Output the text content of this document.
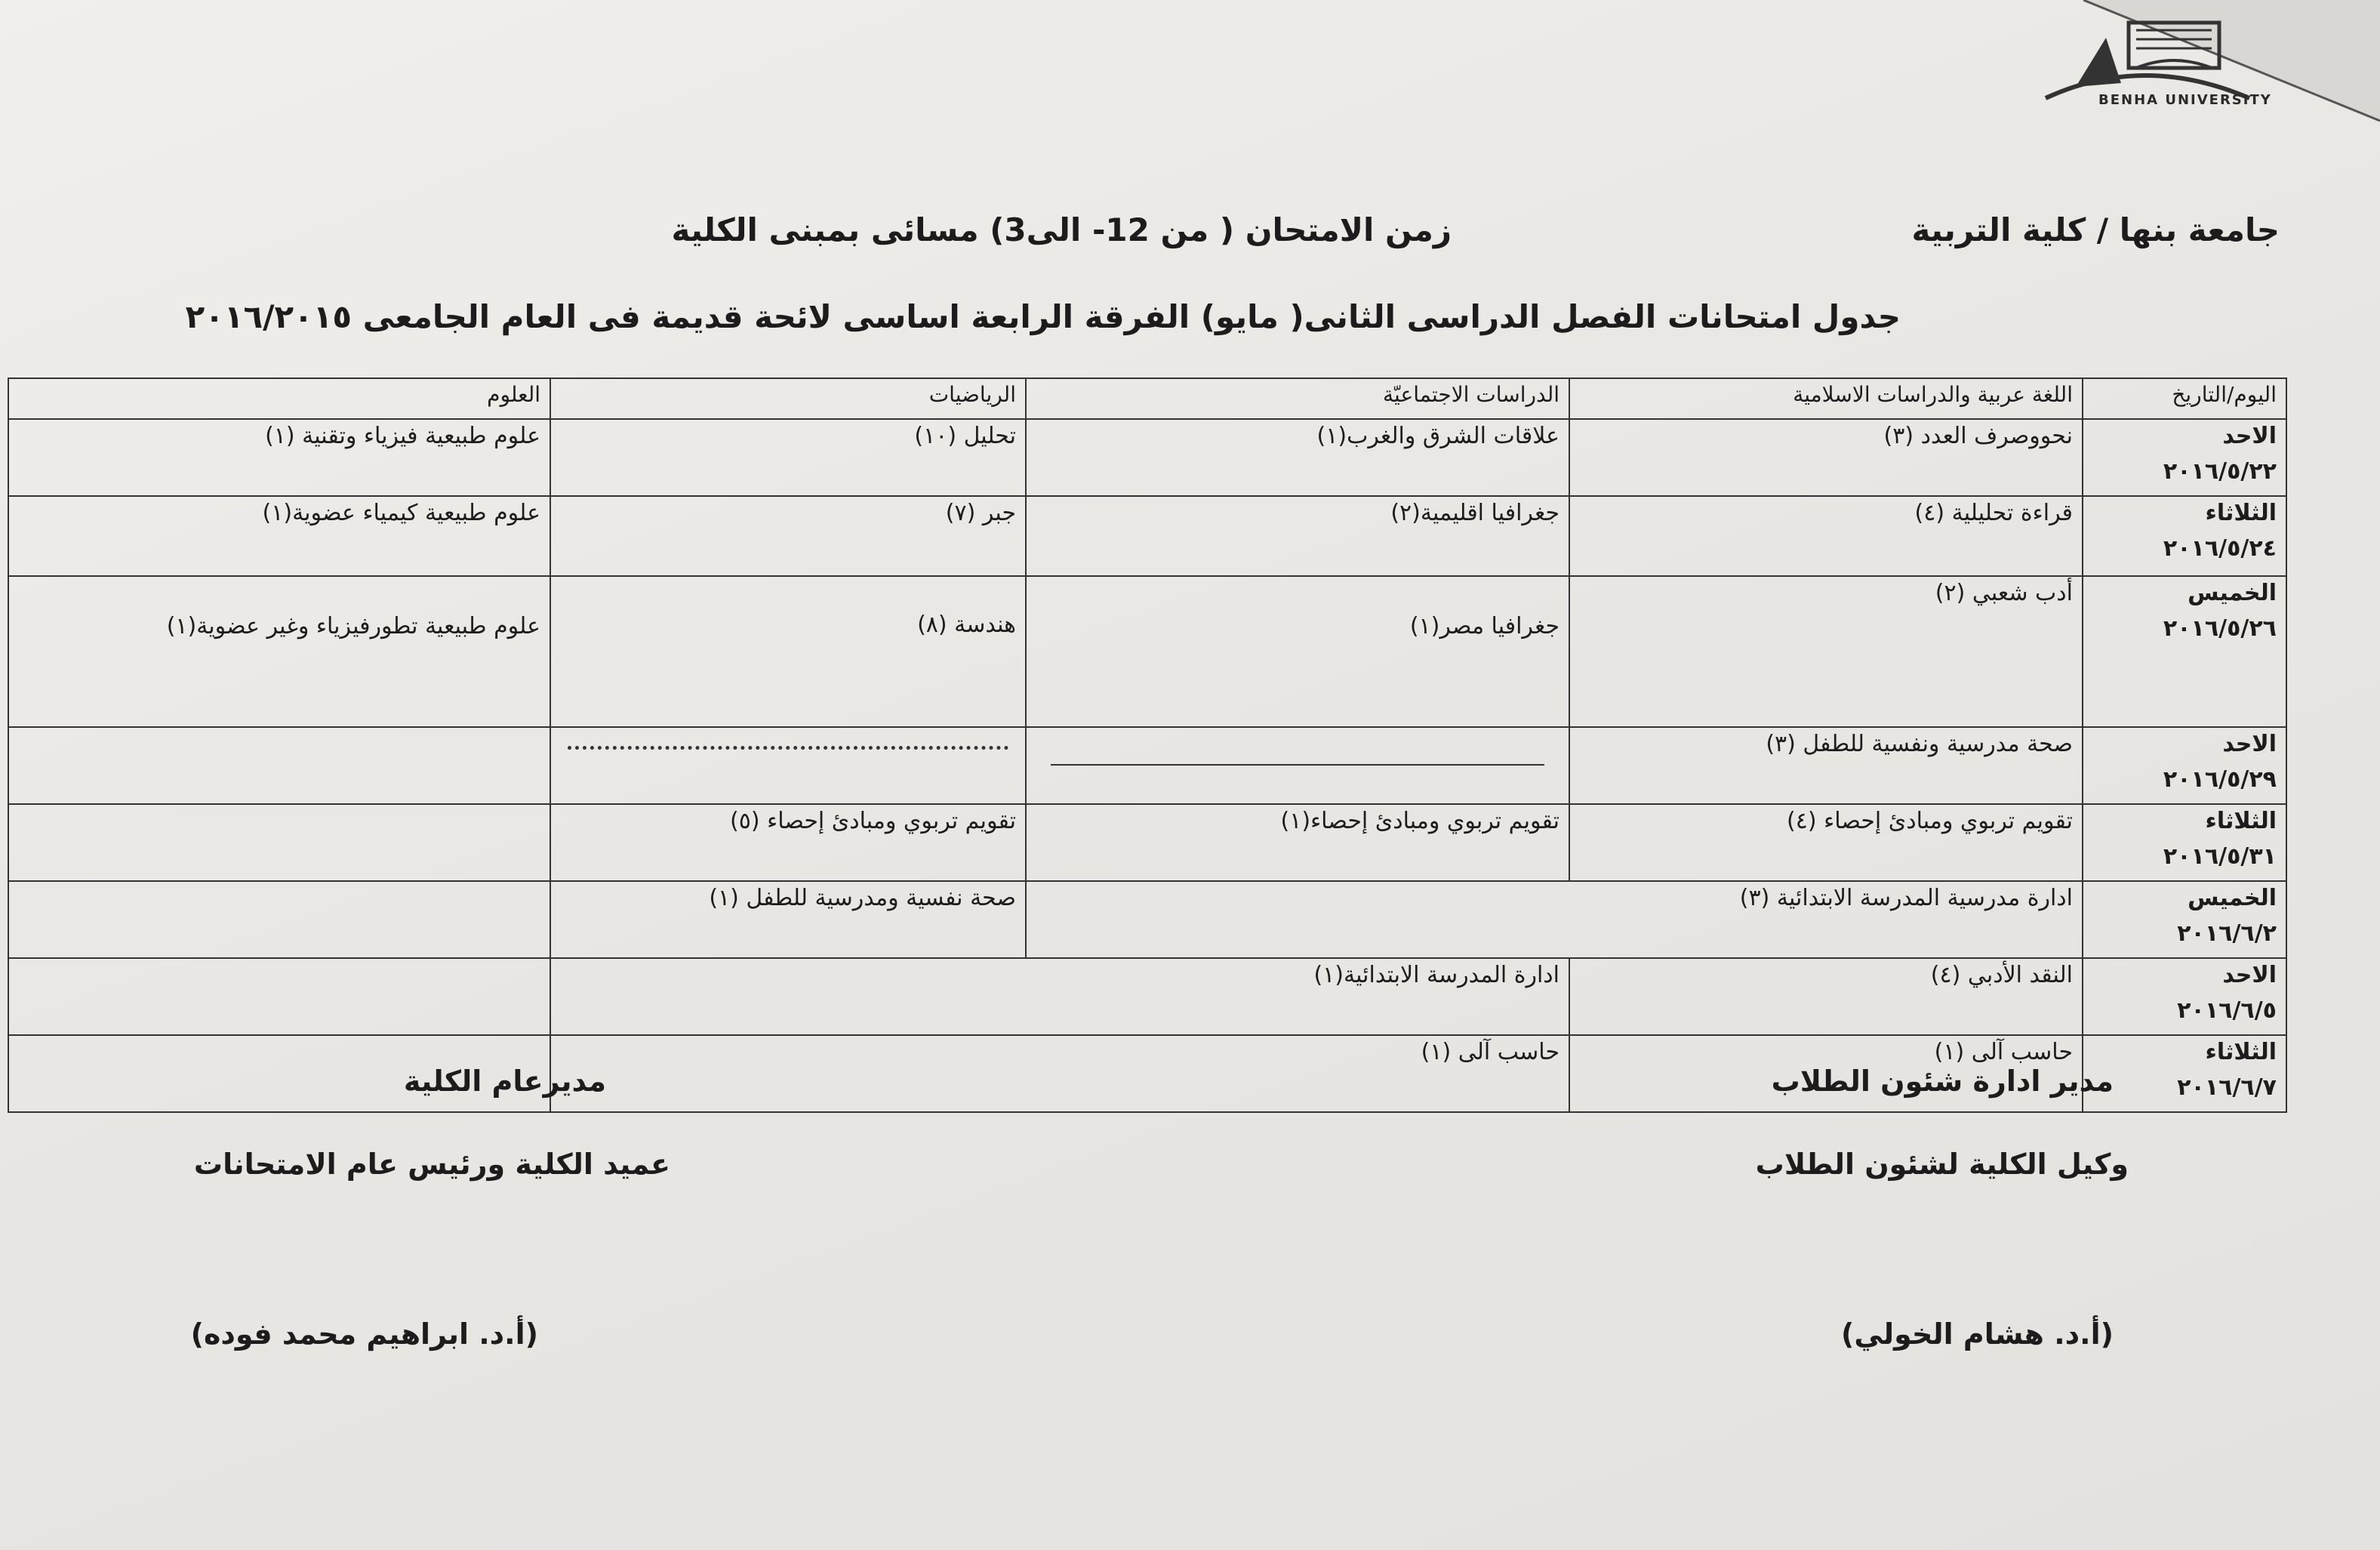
BENHA UNIVERSITY
جامعة بنها / كلية التربية
زمن الامتحان ( من 12- الى3) مسائى بمبنى الكلية
جدول امتحانات الفصل الدراسى الثانى( مايو) الفرقة الرابعة اساسى لائحة قديمة فى العام الجامعى ٢٠١٦/٢٠١٥
اليوم/التاريخ	اللغة عربية والدراسات الاسلامية	الدراسات الاجتماعيّة	الرياضيات	العلوم

الاحد
٢٠١٦/٥/٢٢	نحووصرف العدد (٣)	علاقات الشرق والغرب(١)	تحليل (١٠)	علوم طبيعية فيزياء وتقنية (١)

الثلاثاء
٢٠١٦/٥/٢٤	قراءة تحليلية (٤)	جغرافيا اقليمية(٢)	جبر (٧)	علوم طبيعية كيمياء عضوية(١)

الخميس
٢٠١٦/٥/٢٦	أدب شعبي (٢)	جغرافيا مصر(١)	هندسة (٨)	علوم طبيعية تطورفيزياء وغير عضوية(١)

الاحد
٢٠١٦/٥/٢٩	صحة مدرسية ونفسية للطفل (٣)	

الثلاثاء
٢٠١٦/٥/٣١	تقويم تربوي ومبادئ إحصاء (٤)	تقويم تربوي ومبادئ إحصاء(١)	تقويم تربوي ومبادئ إحصاء (٥)	

الخميس
٢٠١٦/٦/٢	ادارة مدرسية المدرسة الابتدائية (٣)		صحة نفسية ومدرسية للطفل (١)	

الاحد
٢٠١٦/٦/٥	النقد الأدبي (٤)	ادارة المدرسة الابتدائية(١)		

الثلاثاء
٢٠١٦/٦/٧	حاسب آلى (١)	حاسب آلى (١)		
مدير ادارة شئون الطلاب
مديرعام الكلية
وكيل الكلية لشئون الطلاب
عميد الكلية ورئيس عام الامتحانات
(أ.د. هشام الخولي)
(أ.د. ابراهيم محمد فوده)
